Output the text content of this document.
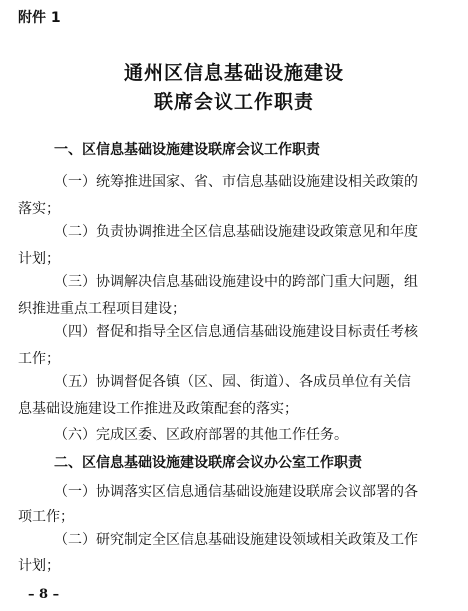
附件 1
通州区信息基础设施建设
联席会议工作职责
一、区信息基础设施建设联席会议工作职责
（一）统筹推进国家、省、市信息基础设施建设相关政策的
落实；
（二）负责协调推进全区信息基础设施建设政策意见和年度
计划；
（三）协调解决信息基础设施建设中的跨部门重大问题，组
织推进重点工程项目建设；
（四）督促和指导全区信息通信基础设施建设目标责任考核
工作；
（五）协调督促各镇（区、园、街道）、各成员单位有关信
息基础设施建设工作推进及政策配套的落实；
（六）完成区委、区政府部署的其他工作任务。
二、区信息基础设施建设联席会议办公室工作职责
（一）协调落实区信息通信基础设施建设联席会议部署的各
项工作；
（二）研究制定全区信息基础设施建设领域相关政策及工作
计划；
– 8 –
